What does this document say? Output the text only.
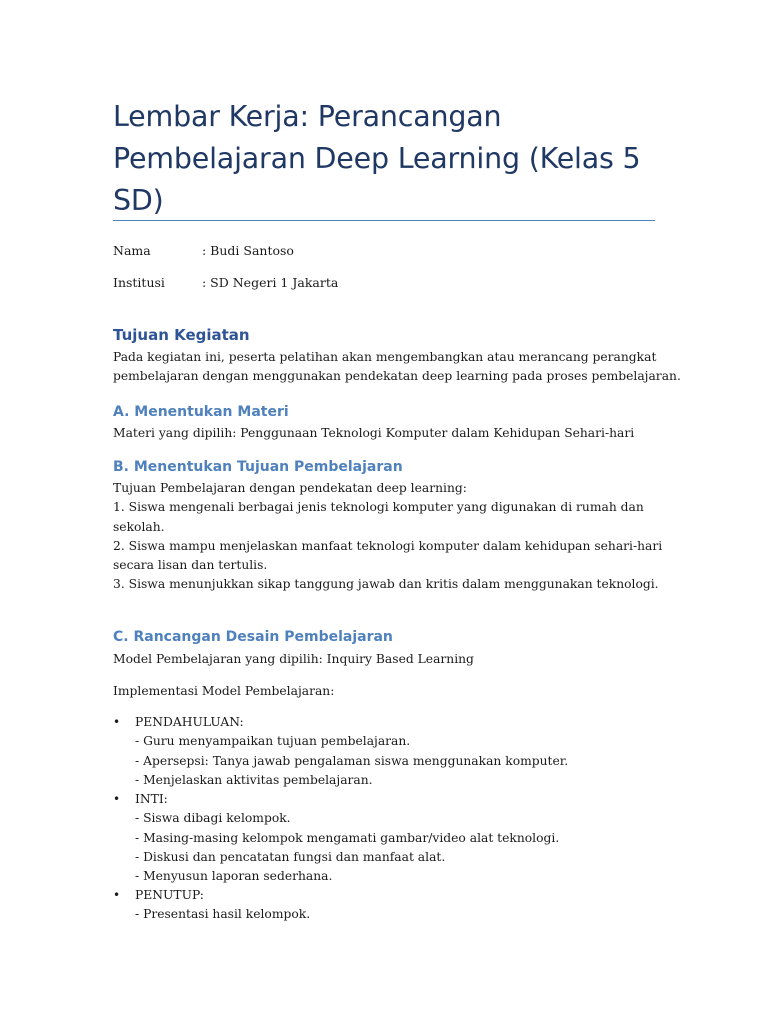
Lembar Kerja: Perancangan
Pembelajaran Deep Learning (Kelas 5
SD)
Nama	: Budi Santoso
Institusi	: SD Negeri 1 Jakarta
Tujuan Kegiatan
Pada kegiatan ini, peserta pelatihan akan mengembangkan atau merancang perangkat
pembelajaran dengan menggunakan pendekatan deep learning pada proses pembelajaran.
A. Menentukan Materi
Materi yang dipilih: Penggunaan Teknologi Komputer dalam Kehidupan Sehari-hari
B. Menentukan Tujuan Pembelajaran
Tujuan Pembelajaran dengan pendekatan deep learning:
1. Siswa mengenali berbagai jenis teknologi komputer yang digunakan di rumah dan
sekolah.
2. Siswa mampu menjelaskan manfaat teknologi komputer dalam kehidupan sehari-hari
secara lisan dan tertulis.
3. Siswa menunjukkan sikap tanggung jawab dan kritis dalam menggunakan teknologi.
C. Rancangan Desain Pembelajaran
Model Pembelajaran yang dipilih: Inquiry Based Learning
Implementasi Model Pembelajaran:
• PENDAHULUAN:
- Guru menyampaikan tujuan pembelajaran.
- Apersepsi: Tanya jawab pengalaman siswa menggunakan komputer.
- Menjelaskan aktivitas pembelajaran.
• INTI:
- Siswa dibagi kelompok.
- Masing-masing kelompok mengamati gambar/video alat teknologi.
- Diskusi dan pencatatan fungsi dan manfaat alat.
- Menyusun laporan sederhana.
• PENUTUP:
- Presentasi hasil kelompok.
